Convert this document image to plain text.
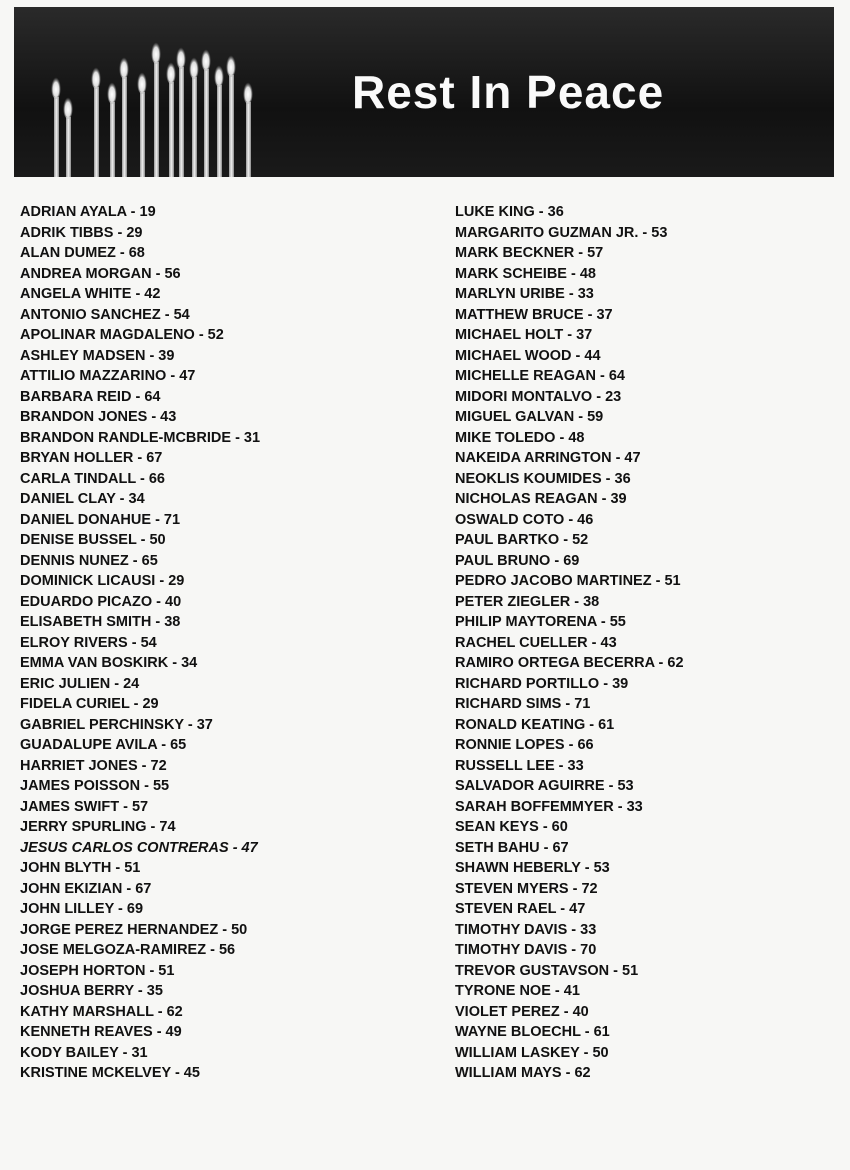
Rest In Peace
ADRIAN AYALA - 19
ADRIK TIBBS - 29
ALAN DUMEZ - 68
ANDREA MORGAN - 56
ANGELA WHITE - 42
ANTONIO SANCHEZ - 54
APOLINAR MAGDALENO - 52
ASHLEY MADSEN - 39
ATTILIO MAZZARINO - 47
BARBARA REID - 64
BRANDON JONES - 43
BRANDON RANDLE-MCBRIDE - 31
BRYAN HOLLER - 67
CARLA TINDALL - 66
DANIEL CLAY - 34
DANIEL DONAHUE - 71
DENISE BUSSEL - 50
DENNIS NUNEZ - 65
DOMINICK LICAUSI - 29
EDUARDO PICAZO - 40
ELISABETH SMITH - 38
ELROY RIVERS - 54
EMMA VAN BOSKIRK - 34
ERIC JULIEN - 24
FIDELA CURIEL - 29
GABRIEL PERCHINSKY - 37
GUADALUPE AVILA - 65
HARRIET JONES - 72
JAMES POISSON - 55
JAMES SWIFT - 57
JERRY SPURLING - 74
JESUS CARLOS CONTRERAS - 47
JOHN BLYTH - 51
JOHN EKIZIAN - 67
JOHN LILLEY - 69
JORGE PEREZ HERNANDEZ - 50
JOSE MELGOZA-RAMIREZ - 56
JOSEPH HORTON - 51
JOSHUA BERRY - 35
KATHY MARSHALL - 62
KENNETH REAVES - 49
KODY BAILEY - 31
KRISTINE MCKELVEY - 45
LUKE KING - 36
MARGARITO GUZMAN JR. - 53
MARK BECKNER - 57
MARK SCHEIBE - 48
MARLYN URIBE - 33
MATTHEW BRUCE - 37
MICHAEL HOLT - 37
MICHAEL WOOD - 44
MICHELLE REAGAN - 64
MIDORI MONTALVO - 23
MIGUEL GALVAN - 59
MIKE TOLEDO - 48
NAKEIDA ARRINGTON - 47
NEOKLIS KOUMIDES - 36
NICHOLAS REAGAN - 39
OSWALD COTO - 46
PAUL BARTKO - 52
PAUL BRUNO - 69
PEDRO JACOBO MARTINEZ - 51
PETER ZIEGLER - 38
PHILIP MAYTORENA - 55
RACHEL CUELLER - 43
RAMIRO ORTEGA BECERRA - 62
RICHARD PORTILLO - 39
RICHARD SIMS - 71
RONALD KEATING - 61
RONNIE LOPES - 66
RUSSELL LEE - 33
SALVADOR AGUIRRE - 53
SARAH BOFFEMMYER - 33
SEAN KEYS - 60
SETH BAHU - 67
SHAWN HEBERLY - 53
STEVEN MYERS - 72
STEVEN RAEL - 47
TIMOTHY DAVIS - 33
TIMOTHY DAVIS - 70
TREVOR GUSTAVSON - 51
TYRONE NOE - 41
VIOLET PEREZ - 40
WAYNE BLOECHL - 61
WILLIAM LASKEY - 50
WILLIAM MAYS - 62
